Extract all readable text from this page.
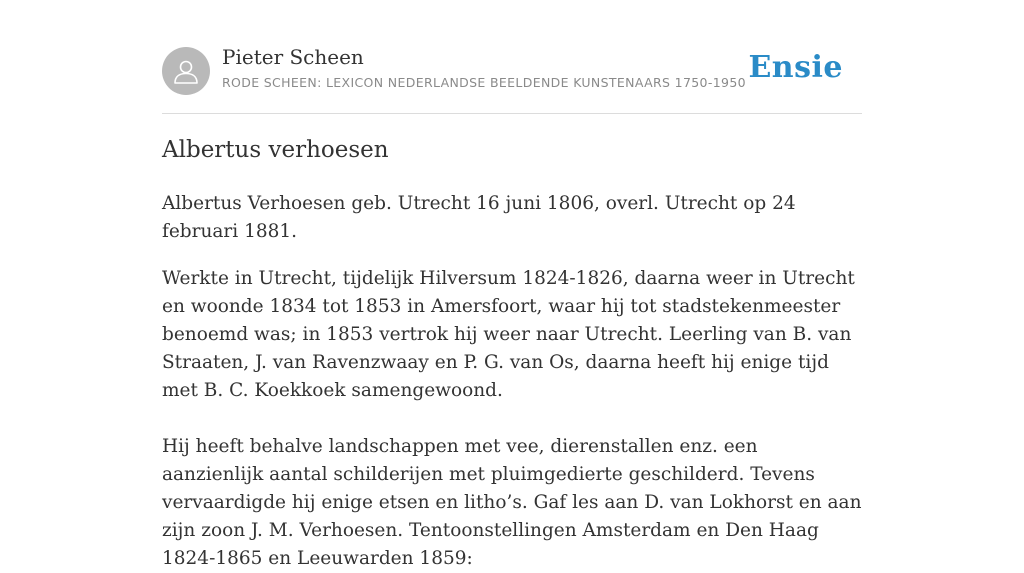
Pieter Scheen
RODE SCHEEN: LEXICON NEDERLANDSE BEELDENDE KUNSTENAARS 1750-1950 Ensie
Albertus verhoesen

Albertus Verhoesen geb. Utrecht 16 juni 1806, overl. Utrecht op 24 februari 1881.

Werkte in Utrecht, tijdelijk Hilversum 1824-1826, daarna weer in Utrecht en woonde 1834 tot 1853 in Amersfoort, waar hij tot stadstekenmeester benoemd was; in 1853 vertrok hij weer naar Utrecht. Leerling van B. van Straaten, J. van Ravenzwaay en P. G. van Os, daarna heeft hij enige tijd met B. C. Koekkoek samengewoond.

Hij heeft behalve landschappen met vee, dierenstallen enz. een aanzienlijk aantal schilderijen met pluimgedierte geschilderd. Tevens vervaardigde hij enige etsen en litho’s. Gaf les aan D. van Lokhorst en aan zijn zoon J. M. Verhoesen. Tentoonstellingen Amsterdam en Den Haag 1824-1865 en Leeuwarden 1859:
